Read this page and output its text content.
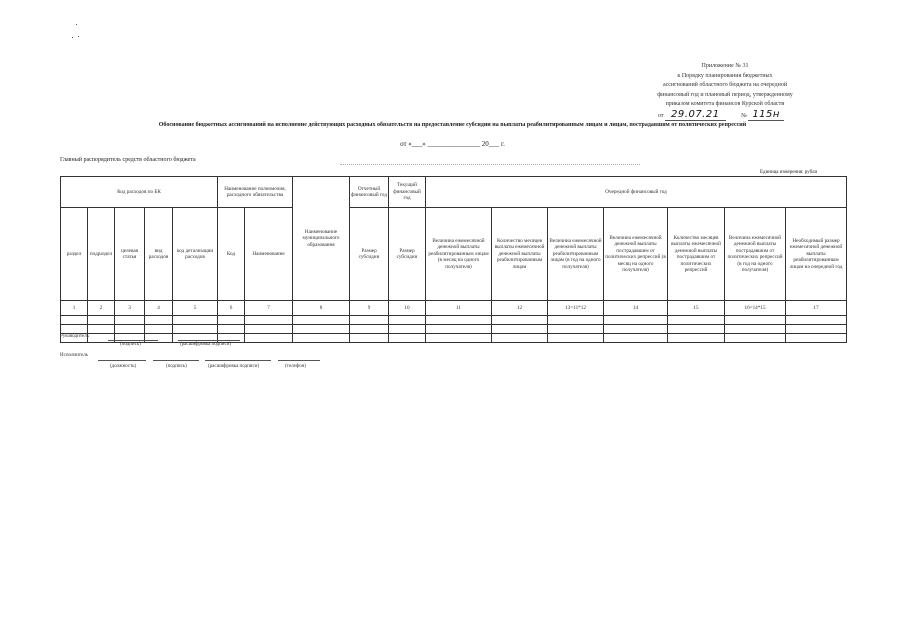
Приложение № 31
к Порядку планирования бюджетных
ассигнований областного бюджета на очередной
финансовый год и плановый период, утвержденному
приказом комитета финансов Курской области
от 29.07.21	№ 115н
Обоснование бюджетных ассигнований на исполнение действующих расходных обязательств на предоставление субсидии на выплаты реабилитированным лицам и лицам, пострадавшим от политических репрессий
от «___» _______________ 20___ г.
Главный распорядитель средств областного бюджета
Единица измерения: рубли
Код расходов по БК					Наименование полномочия, расходного обязательства		Наименование муниципального образования	Отчетный финансовый год	Текущий финансовый год	Очередной финансовый год						
раздел	подраздел	целевая статья	вид расходов	код детализации расходов	Код	Наименование		Размер субсидии	Размер субсидии	Величина ежемесячной денежной выплаты реабилитированным лицам (в месяц на одного получателя)	Количество месяцев выплаты ежемесячной денежной выплаты реабилитированным лицам	Величина ежемесячной денежной выплаты реабилитированным лицам (в год на одного получателя)	Величина ежемесячной денежной выплаты пострадавшим от политических репрессий (в месяц на одного получателя)	Количество месяцев выплаты ежемесячной денежной выплаты пострадавшим от политических репрессий	Величина ежемесячной денежной выплаты пострадавшим от политических репрессий (в год на одного получателя)	Необходимый размер ежемесячной денежной выплаты реабилитированным лицам на очередной год
1	2	3	4	5	6	7	8	9	10	11	12	13=11*12	14	15	16=14*15	17

Руководитель
(подпись)	(расшифровка подписи)
Исполнитель
(должность)	(подпись)	(расшифровка подписи)	(телефон)
